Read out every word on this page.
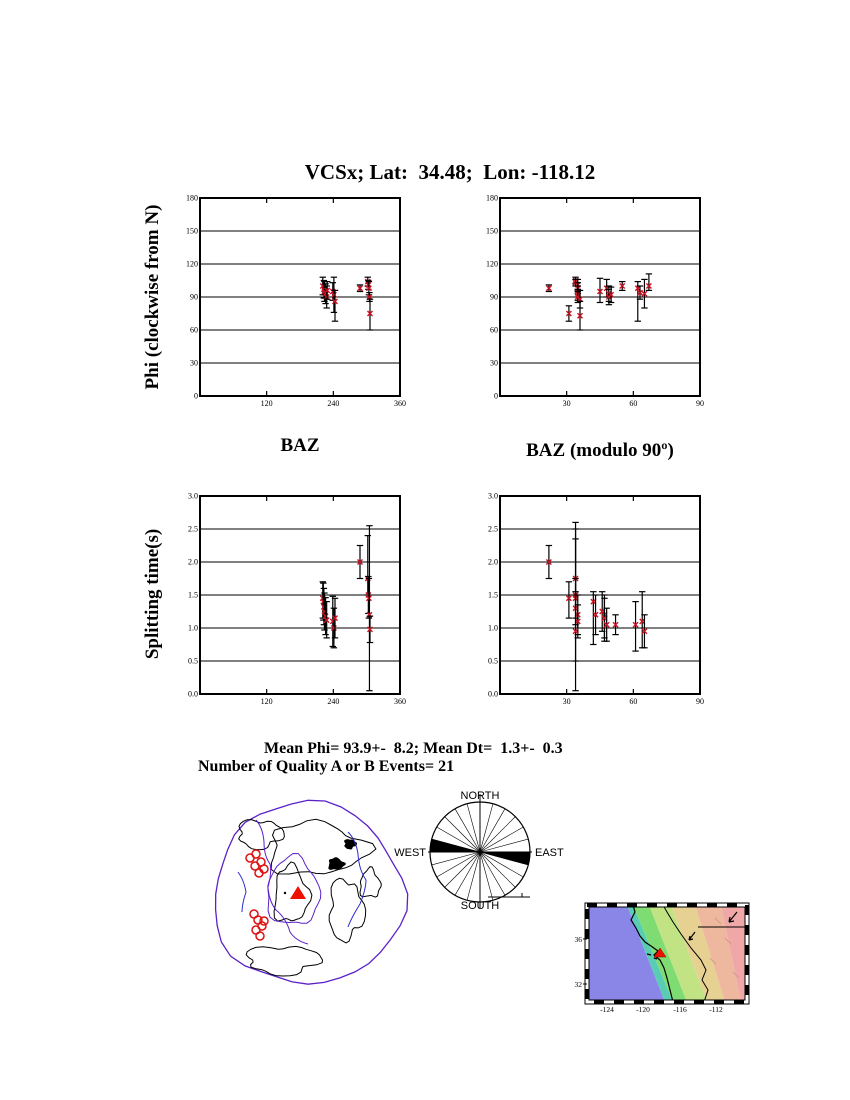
VCSx; Lat:  34.48;  Lon: -118.12
Phi (clockwise from N)
Splitting time(s)
120	240	360
0
30
60
90
120
150
180
30	60	90
0
30
60
90
120
150
180
120	240	360
0.0
0.5
1.0
1.5
2.0
2.5
3.0
30	60	90
0.0
0.5
1.0
1.5
2.0
2.5
3.0
BAZ	BAZ (modulo 90º)
Mean Phi= 93.9+-  8.2; Mean Dt=  1.3+-  0.3
Number of Quality A or B Events= 21
NORTH
SOUTH
WEST	EAST
36
32
-124	-120	-116	-112
